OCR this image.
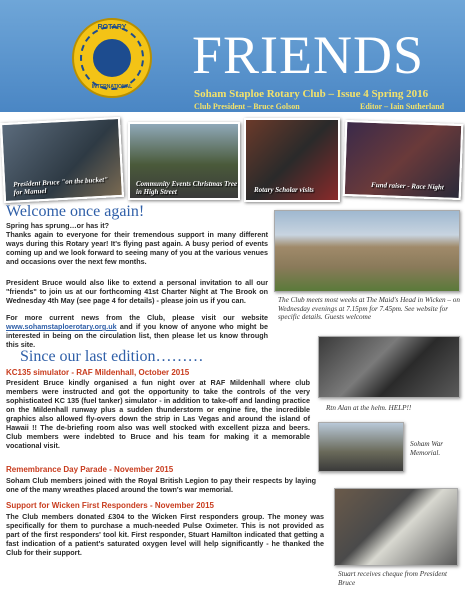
ROTARY
INTERNATIONAL
FRIENDS
Soham Staploe Rotary Club – Issue 4 Spring 2016
Club President – Bruce Golson	Editor – Iain Sutherland
President Bruce "on the bucket" for Manuel
Community Events Christmas Tree in High Street	Rotary Scholar visits	Fund raiser - Race Night
Welcome once again!
Spring has sprung…or has it?
Thanks again to everyone for their tremendous support in many different ways during this Rotary year! It's flying past again. A busy period of events coming up and we look forward to seeing many of you at the various venues and occasions over the next few months.
President Bruce would also like to extend a personal invitation to all our "friends" to join us at our forthcoming 41st Charter Night at The Brook on Wednesday 4th May (see page 4 for details) - please join us if you can.
For more current news from the Club, please visit our website www.sohamstaploerotary.org.uk and if you know of anyone who might be interested in being on the circulation list, then please let us know through this site.
The Club meets most weeks at The Maid's Head in Wicken – on Wednesday evenings at 7.15pm for 7.45pm. See website for specific details. Guests welcome
Since our last edition………
KC135 simulator - RAF Mildenhall, October 2015
President Bruce kindly organised a fun night over at RAF Mildenhall where club members were instructed and got the opportunity to take the controls of the very sophisticated KC 135 (fuel tanker) simulator - in addition to take-off and landing practice on the Mildenhall runway plus a sudden thunderstorm or engine fire, the incredible graphics also allowed fly-overs down the strip in Las Vegas and around the island of Hawaii !! The de-briefing room also was well stocked with excellent pizza and beers. Club members were indebted to Bruce and his team for making it a memorable vocational visit.
Rtn Alan at the helm. HELP!!
Remembrance Day Parade - November 2015
Soham Club members joined with the Royal British Legion to pay their respects by laying one of the many wreathes placed around the town's war memorial.
Soham War Memorial.
Support for Wicken First Responders - November 2015
The Club members donated £304 to the Wicken First responders group. The money was specifically for them to purchase a much-needed Pulse Oximeter. This is not provided as part of the first responders' tool kit. First responder, Stuart Hamilton indicated that getting a fast indication of a patient's saturated oxygen level will help significantly - he thanked the Club for their support.
Stuart receives cheque from President Bruce
